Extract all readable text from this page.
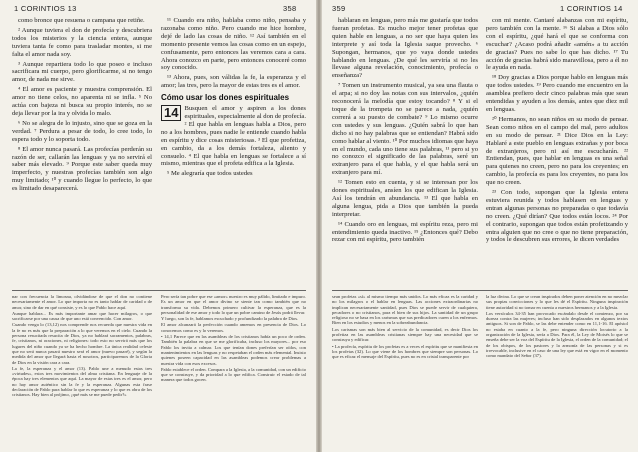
1 CORINTIOS 13	358

como bronce que resuena o campana que retiñe.

² Aunque tuviera el don de profecía y descubriera todos los misterios y la ciencia entera, aunque tuviera tanta fe como para trasladar montes, si me falta el amor nada soy.

³ Aunque repartiera todo lo que poseo e incluso sacrificara mi cuerpo, pero glorificarme, si no tengo amor, de nada me sirve.

⁴ El amor es paciente y muestra comprensión. El amor no tiene celos, no aparenta ni se infla. ⁵ No actúa con bajeza ni busca su propio interés, no se deja llevar por la ira y olvida lo malo.

⁶ No se alegra de lo injusto, sino que se goza en la verdad. ⁷ Perdura a pesar de todo, lo cree todo, lo espera todo y lo soporta todo.

⁸ El amor nunca pasará. Las profecías perderán su razón de ser, callarán las lenguas y ya no servirá el saber más elevado. ⁹ Porque este saber queda muy imperfecto, y nuestras profecías también son algo muy limitado; ¹⁰ y cuando llegue lo perfecto, lo que es limitado desaparecerá.

¹¹ Cuando era niño, hablaba como niño, pensaba y razonaba como niño. Pero cuando me hice hombre, dejé de lado las cosas de niño. ¹² Así también en el momento presente vemos las cosas como en un espejo, confusamente, pero entonces las veremos cara a cara. Ahora conozco en parte, pero entonces conoceré como soy conocido.

¹³ Ahora, pues, son válidas la fe, la esperanza y el amor; las tres, pero la mayor de estas tres es el amor.

Cómo usar los dones espirituales

14 Busquen el amor y aspiren a los dones espirituales, especialmente al don de profecía. ² El que habla en lenguas habla a Dios, pero no a los hombres, pues nadie le entiende cuando habla en espíritu y dice cosas misteriosas. ³ El que profetiza, en cambio, da a los demás fortaleza, aliento y consuelo. ⁴ El que habla en lenguas se fortalece a sí mismo, mientras que el profeta edifica a la Iglesia.

⁵ Me alegraría que todos ustedes

nar con frecuencia la limosna, olvidándose de que el don no contiene necesariamente el amor. Lo que importa no es tanto hablar de caridad o de amor, sino de dar en qué consiste, y es lo que Pablo hace aquí.

Aunque hablara... Es más importante amar que hacer milagros, o que sacrificarse por una causa de que uno está convencido. Con amor.

Cuando venga lo (13,12) nos comprende nos recuerda que nuestra vida en la fe no es más que la preparación a lo que veremos en el cielo. Cuando la persona resucitada resucita de Dios, ya no hablará sacramentos, palabras, fe, cristianos, ni oraciones, ni religiones: todo esto no servirá más que los lugares del niño cuando ya se ha hecho hombre. La única realidad celeste que no será nunca pasará nuestro será el amor (nuevo pasaré), y según la medida del amor que llegará hasta el nosotros, participaremos de la Gloria de Dios en la visión cara a cara.

La fe, la esperanza y el amor (13). Pablo une a menudo estas tres «virtudes», estos tres movimientos del alma cristiana. En lenguaje de la época hay tres elementos que aquí. La mayor de estas tres es el amor, pero no hay amor auténtico sin la fe y la esperanza. Algunas esta frase declaración de Pablo para hablar lo que es esperanza y lo que es obra de los cristianos. Hay bien al prójimo, ¡qué más se me puede pedir?»

Pero sería tan pobre que ese «amor» nuestro es muy pálido, limitado e impuro. Es un amor en que el amor divino se siente tan como también que no transforma su vida. Debemos primero cultivar la esperanza, que es la personalidad de ese amor y todo lo que un pobre camino de Jesús podrá llevar.

Y luego, son la fe, hablamos escuchado y profundizado la palabra de Dios.

El amor alcanzará la perfección cuando amemos en presencia de Dios. Lo conocemos como es y lo veremos.

• 14,1 Parece que en las asambleas de los cristianos había un poco de orden. También la palabra en que se me glorificaba, incluso los mayores... por eso Pablo los invita a calmar. Los que tenían dones preferían ser oídos, con mantenimientos en las lenguas y no respetaban el orden más elemental. Insisto quienes poseen capacidad en las asambleas podemos crear problemas a nuestra vida con esos excesos.

Pablo establece el orden. Compara a la Iglesia, a la comunidad, con un edificio que se construye, y da prioridad a lo que edifica. Construir el estado de tal manera que todos gocen.

359	1 CORINTIOS 14

hablaran en lenguas, pero más me gustaría que todos fueran profetas. Es mucho mejor tener profetas que quien hable en lenguas, a no ser que haya quien les interprete y así toda la Iglesia saque provecho. ⁶ Supongan, hermanos, que yo vaya donde ustedes hablando en lenguas. ¿De qué les serviría si no les llevase alguna revelación, conocimiento, profecía o enseñanza?

⁷ Tomen un instrumento musical, ya sea una flauta o el arpa; si no doy las notas con sus intervalos, ¿quién reconocerá la melodía que estoy tocando? ⁸ Y si el toque de la trompeta no se parece a nada, ¿quién correrá a su puesto de combate? ⁹ Lo mismo ocurre con ustedes y sus lenguas. ¿Quién sabrá lo que han dicho si no hay palabras que se entiendan? Habrá sido como hablar al viento. ¹⁰ Por muchos idiomas que haya en el mundo, cada uno tiene sus palabras, ¹¹ pero si yo no conozco el significado de las palabras, seré un extranjero para el que habla, y el que habla será un extranjero para mí.

¹² Tomen esto en cuenta, y si se interesan por los dones espirituales, ansíen los que edifican la Iglesia. Así los tendrán en abundancia. ¹³ El que habla en alguna lengua, pida a Dios que también la pueda interpretar.

¹⁴ Cuando oro en lenguas, mi espíritu reza, pero mi entendimiento queda inactivo. ¹⁵ ¿Entonces qué? Debo rezar con mi espíritu, pero también

con mi mente. Cantaré alabanzas con mi espíritu, pero también con la mente. ¹⁶ Si alabas a Dios sólo con el espíritu, ¿qué hará el que se conforma con escuchar? ¿Acaso podrá añadir «amén» a tu acción de gracias? Pues no sabe lo que has dicho. ¹⁷ Tu acción de gracias habrá sido maravillosa, pero a él no le ayuda en nada.

¹⁸ Doy gracias a Dios porque hablo en lenguas más que todos ustedes. ¹⁹ Pero cuando me encuentro en la asamblea prefiero decir cinco palabras más que sean entendidas y ayuden a los demás, antes que diez mil en lenguas.

²⁰ Hermanos, no sean niños en su modo de pensar. Sean como niños en el campo del mal, pero adultos en su modo de pensar. ²¹ Dice Dios en la Ley: Hablaré a este pueblo en lenguas extrañas y por boca de extranjeros, pero ni así me escucharán. ²² Entiendan, pues, que hablar en lenguas es una señal para quienes no creen, pero no para los creyentes; en cambio, la profecía es para los creyentes, no para los que no creen.

²³ Con todo, supongan que la Iglesia entera estuviera reunida y todos hablasen en lenguas y entran algunas personas no preparadas o que todavía no creen. ¿Qué dirían? Que todos están locos. ²⁴ Por el contrario, supongan que todos están profetizando y entra alguien que no cree o que no tiene preparación, y todos le descubren sus errores, le dicen verdades

sean profetas «sí» al mismo tiempo más unidos. Lo más eficaz es la caridad y no los milagros o el hablar en lenguas. Las acciones extraordinarias no implican necesariamente santidad, pues Dios se puede servir de cualquiera, pecadores o no cristianos, para el bien de sus hijos. La santidad de un grupo religioso no se basa en los carismas que sus predicadores curen a los enfermos. Bien en los estudios y menos en la sobreabundancia.

Los carismas son más bien al servicio de la comunidad, es decir Dios los profetiza en las asambleas cristianas siempre hay una necesidad que se construya y edificar.

• La profecía, espíritu de los profetas es a veces el espíritu que se manifiesta en los profetas (32). Lo que viene de los hombres que siempre son personas. Lo que es eficaz el mensaje del Espíritu, pues no es en cristal transparente por

la luz divina. Lo que se crean inspirados deben poner atención en no mezclar sus propias convicciones y lo que les dé el Espíritu. Ninguna inspiración tiene autoridad si no tomar en cuenta a nuestros hermanos y a la Iglesia.

Los versículos 34-35 han provocado escándalo desde el comienzo, por su dureza contra las mujeres; incluso han sido desplazados en algunos textos antiguos. Si son de Pablo, se las debe entender como en 11,1-16. El apóstol no estaba en cuanto a la fe, pero ninguna dirección locutorio a la organización de la Iglesia, sería a Dios. Para él, la Ley de Moisés lo que se enseña debe ser la voz del Espíritu de la Iglesia, el orden de la comunidad; el de los obispos, de los pastores y la armonía de las personas y si es irrevocable, inclusive en el caso de una ley que está en vigor en el momento como mandato del Señor (37).
